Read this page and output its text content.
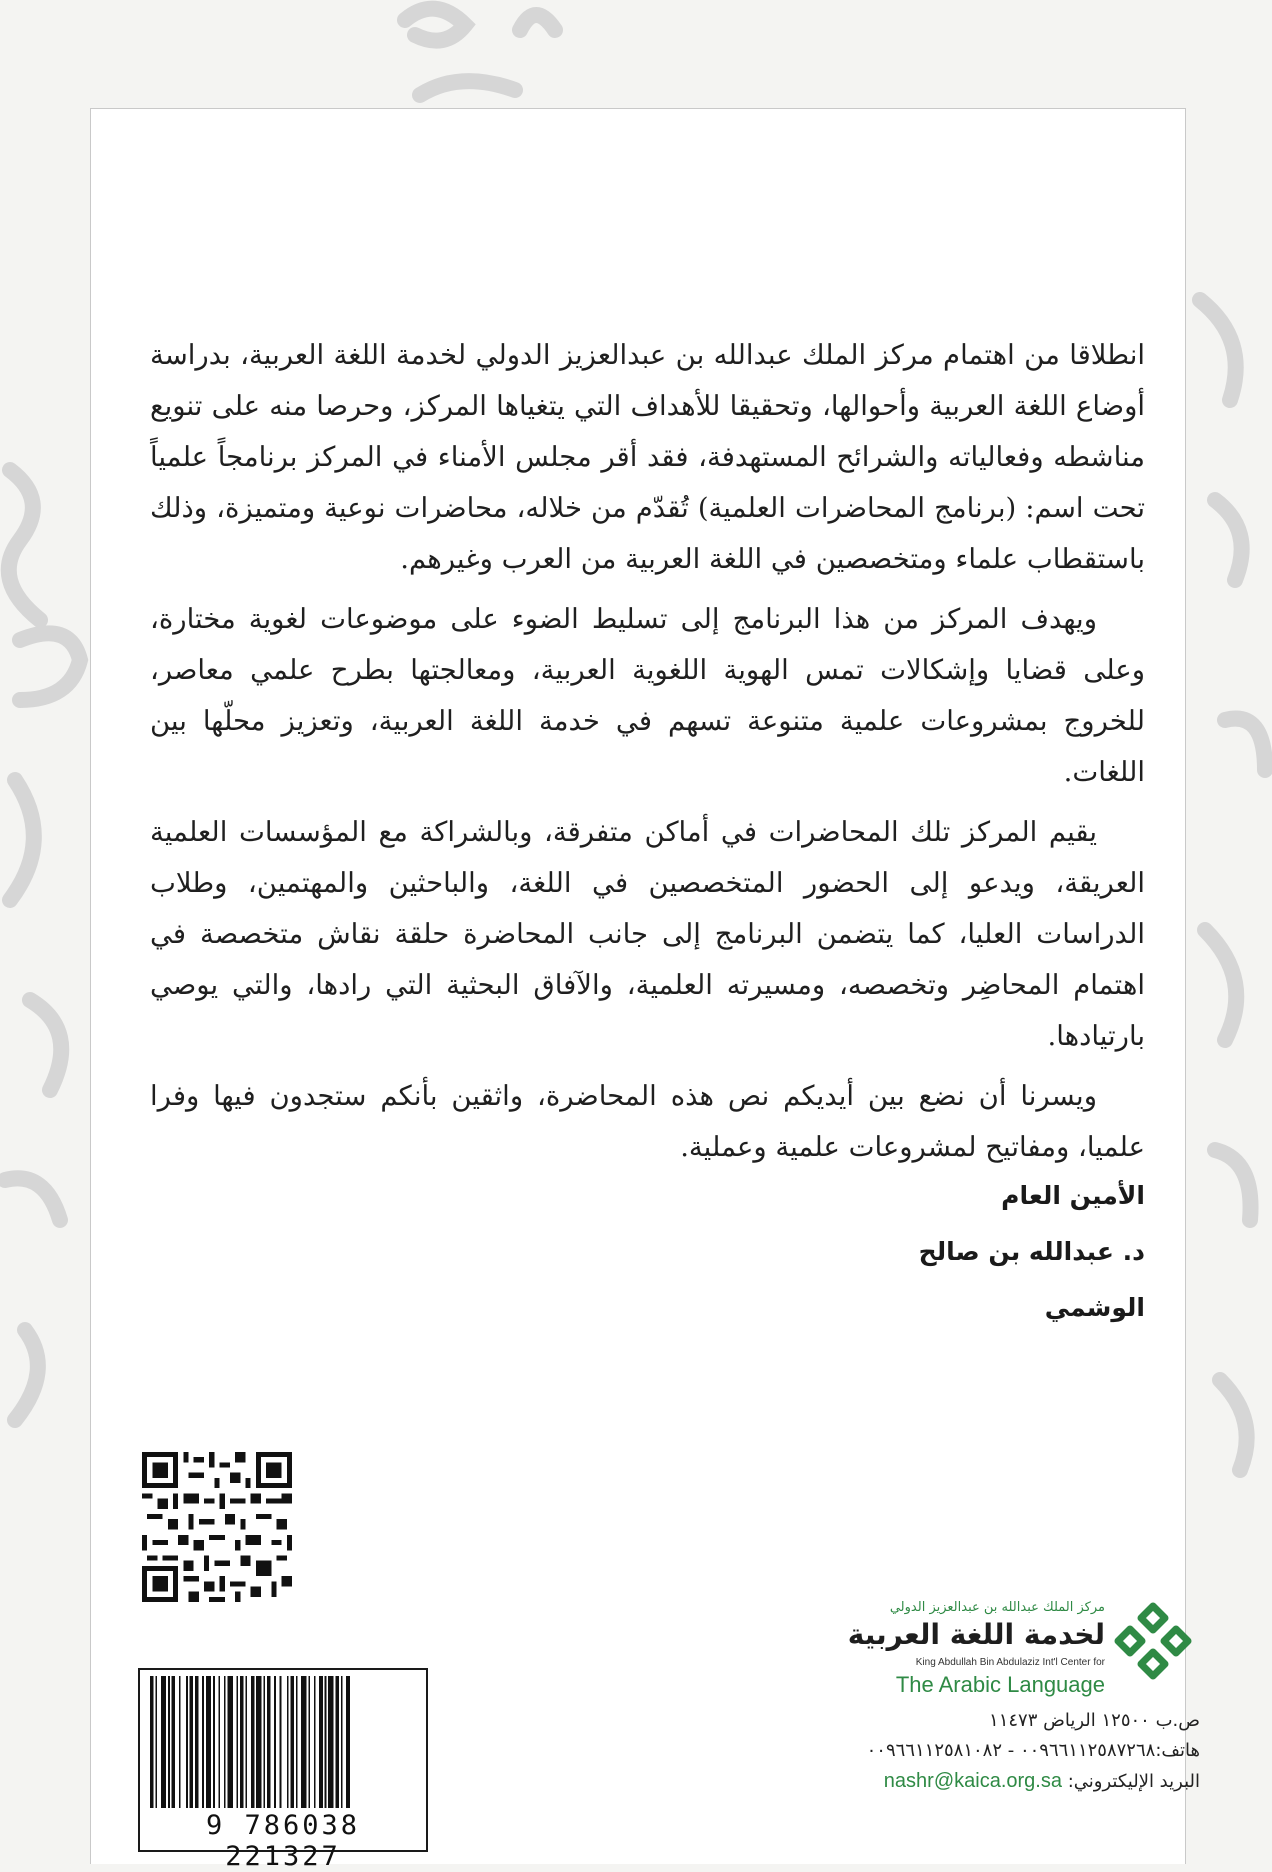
انطلاقا من اهتمام مركز الملك عبدالله بن عبدالعزيز الدولي لخدمة اللغة العربية، بدراسة أوضاع اللغة العربية وأحوالها، وتحقيقا للأهداف التي يتغياها المركز، وحرصا منه على تنويع مناشطه وفعالياته والشرائح المستهدفة، فقد أقر مجلس الأمناء في المركز برنامجاً علمياً تحت اسم: (برنامج المحاضرات العلمية) تُقدّم من خلاله، محاضرات نوعية ومتميزة، وذلك باستقطاب علماء ومتخصصين في اللغة العربية من العرب وغيرهم.

ويهدف المركز من هذا البرنامج إلى تسليط الضوء على موضوعات لغوية مختارة، وعلى قضايا وإشكالات تمس الهوية اللغوية العربية، ومعالجتها بطرح علمي معاصر، للخروج بمشروعات علمية متنوعة تسهم في خدمة اللغة العربية، وتعزيز محلّها بين اللغات.

يقيم المركز تلك المحاضرات في أماكن متفرقة، وبالشراكة مع المؤسسات العلمية العريقة، ويدعو إلى الحضور المتخصصين في اللغة، والباحثين والمهتمين، وطلاب الدراسات العليا، كما يتضمن البرنامج إلى جانب المحاضرة حلقة نقاش متخصصة في اهتمام المحاضِر وتخصصه، ومسيرته العلمية، والآفاق البحثية التي رادها، والتي يوصي بارتيادها.

ويسرنا أن نضع بين أيديكم نص هذه المحاضرة، واثقين بأنكم ستجدون فيها وفرا علميا، ومفاتيح لمشروعات علمية وعملية.

الأمين العام
د. عبدالله بن صالح الوشمي
9 786038 221327
مركز الملك عبدالله بن عبدالعزيز الدولي
لخدمة اللغة العربية
King Abdullah Bin Abdulaziz Int'l Center for
The Arabic Language
ص.ب ١٢٥٠٠ الرياض ١١٤٧٣
هاتف:٠٠٩٦٦١١٢٥٨٧٢٦٨ - ٠٠٩٦٦١١٢٥٨١٠٨٢
البريد الإليكتروني: nashr@kaica.org.sa
